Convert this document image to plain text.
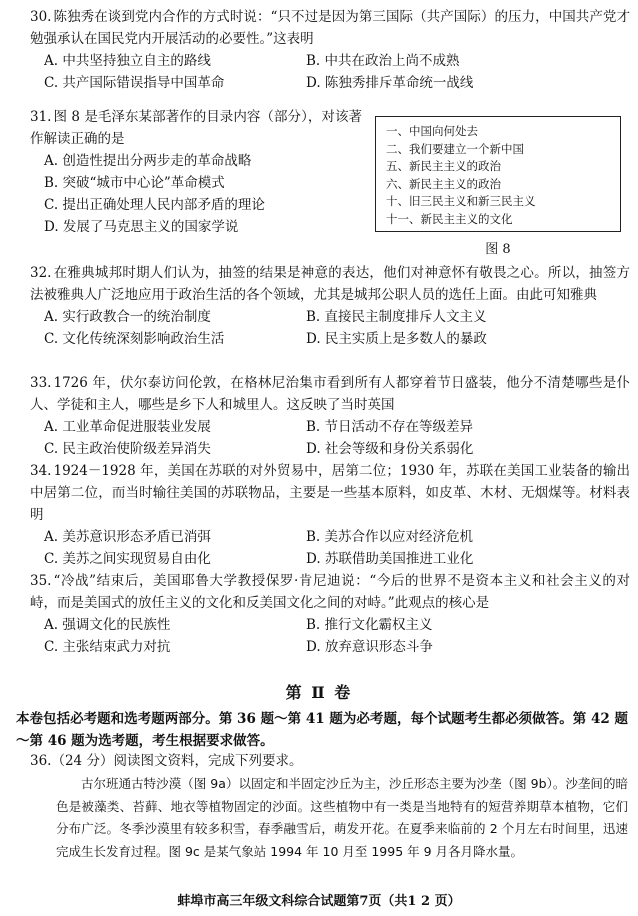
30. 陈独秀在谈到党内合作的方式时说：“只不过是因为第三国际（共产国际）的压力，中国共产党才勉强承认在国民党内开展活动的必要性。”这表明
A. 中共坚持独立自主的路线	B. 中共在政治上尚不成熟
C. 共产国际错误指导中国革命	D. 陈独秀排斥革命统一战线
31. 图 8 是毛泽东某部著作的目录内容（部分），对该著作解读正确的是
A. 创造性提出分两步走的革命战略
B. 突破“城市中心论”革命模式
C. 提出正确处理人民内部矛盾的理论
D. 发展了马克思主义的国家学说
一、中国向何处去
二、我们要建立一个新中国
五、新民主主义的政治
六、新民主主义的政治
十、旧三民主义和新三民主义
十一、新民主主义的文化
图 8
32. 在雅典城邦时期人们认为，抽签的结果是神意的表达，他们对神意怀有敬畏之心。所以，抽签方法被雅典人广泛地应用于政治生活的各个领域，尤其是城邦公职人员的选任上面。由此可知雅典
A. 实行政教合一的统治制度	B. 直接民主制度排斥人文主义
C. 文化传统深刻影响政治生活	D. 民主实质上是多数人的暴政
33. 1726 年，伏尔泰访问伦敦，在格林尼治集市看到所有人都穿着节日盛装，他分不清楚哪些是仆人、学徒和主人，哪些是乡下人和城里人。这反映了当时英国
A. 工业革命促进服装业发展	B. 节日活动不存在等级差异
C. 民主政治使阶级差异消失	D. 社会等级和身份关系弱化
34. 1924－1928 年，美国在苏联的对外贸易中，居第二位；1930 年，苏联在美国工业装备的输出中居第二位，而当时输往美国的苏联物品，主要是一些基本原料，如皮革、木材、无烟煤等。材料表明
A. 美苏意识形态矛盾已消弭	B. 美苏合作以应对经济危机
C. 美苏之间实现贸易自由化	D. 苏联借助美国推进工业化
35. “冷战”结束后，美国耶鲁大学教授保罗·肯尼迪说：“今后的世界不是资本主义和社会主义的对峙，而是美国式的放任主义的文化和反美国文化之间的对峙。”此观点的核心是
A. 强调文化的民族性	B. 推行文化霸权主义
C. 主张结束武力对抗	D. 放弃意识形态斗争
第 Ⅱ 卷
本卷包括必考题和选考题两部分。第 36 题～第 41 题为必考题，每个试题考生都必须做答。第 42 题～第 46 题为选考题，考生根据要求做答。
36.（24 分）阅读图文资料，完成下列要求。
古尔班通古特沙漠（图 9a）以固定和半固定沙丘为主，沙丘形态主要为沙垄（图 9b）。沙垄间的暗色是被藻类、苔藓、地衣等植物固定的沙面。这些植物中有一类是当地特有的短营养期草本植物，它们分布广泛。冬季沙漠里有较多积雪，春季融雪后，萌发开花。在夏季来临前的 2 个月左右时间里，迅速完成生长发育过程。图 9c 是某气象站 1994 年 10 月至 1995 年 9 月各月降水量。
蚌埠市高三年级文科综合试题第7页（共1 2 页）
